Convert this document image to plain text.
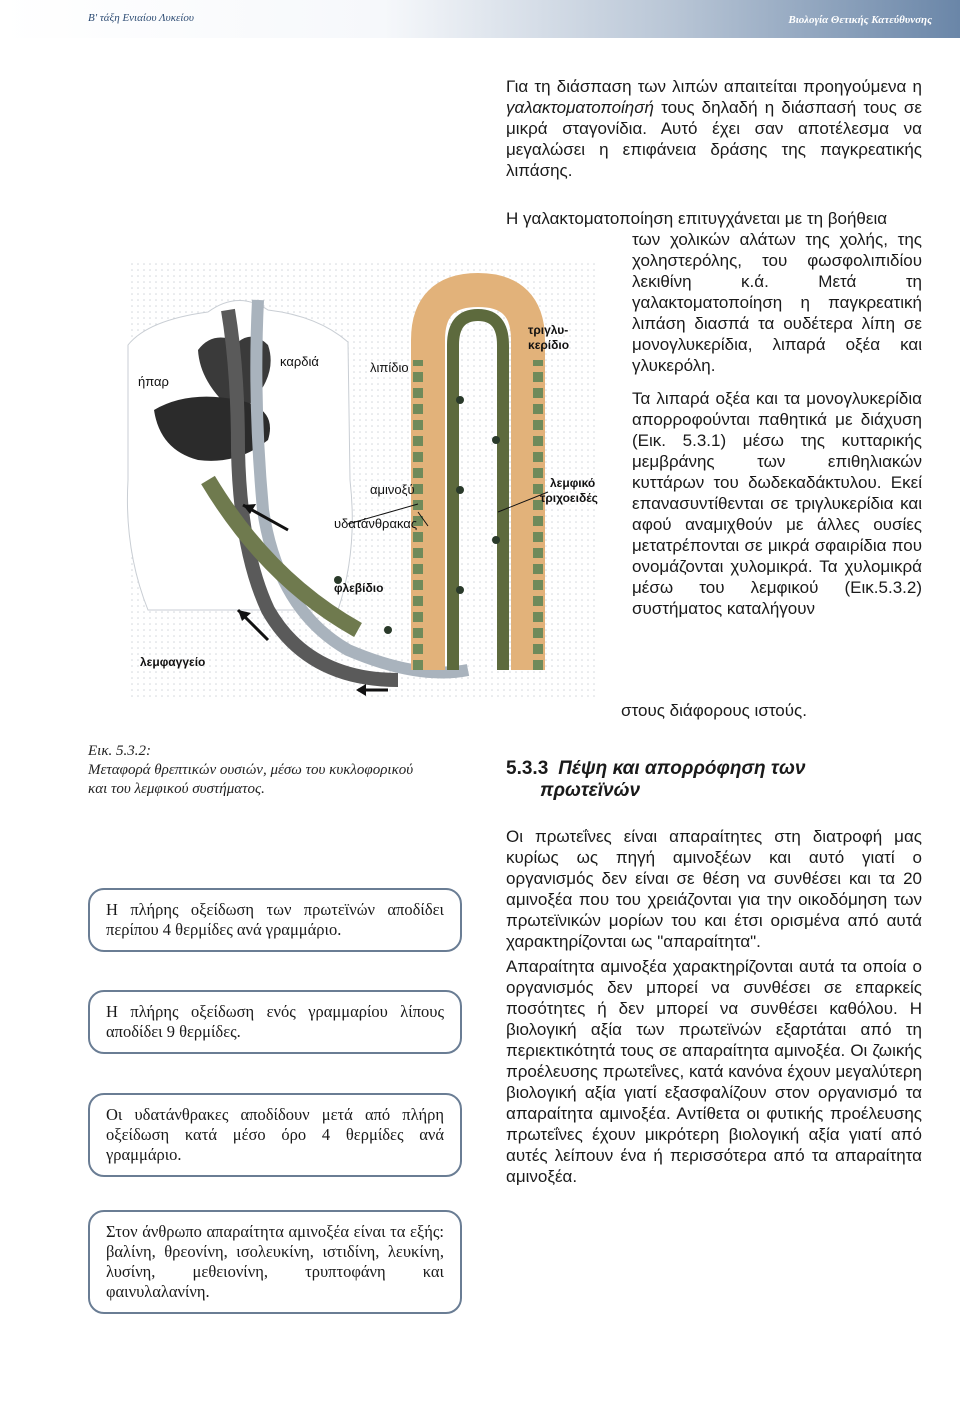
Β' τάξη Ενιαίου Λυκείου	Βιολογία Θετικής Κατεύθυνσης
ήπαρ
καρδιά	λιπίδιο
τριγλυ-
κερίδιο
αμινοξύ
υδατάνθρακας
φλεβίδιο
λεμφαγγείο
λεμφικό
τριχοειδές
Εικ. 5.3.2:
Μεταφορά θρεπτικών ουσιών, μέσω του κυκλοφορικού και του λεμφικού συστήματος.
Η πλήρης οξείδωση των πρωτεϊνών αποδίδει περίπου 4 θερμίδες ανά γραμμάριο.
Η πλήρης οξείδωση ενός γραμμαρίου λίπους αποδίδει 9 θερμίδες.
Οι υδατάνθρακες αποδίδουν μετά από πλήρη οξείδωση κατά μέσο όρο 4 θερμίδες ανά γραμμάριο.
Στον άνθρωπο απαραίτητα αμινοξέα είναι τα εξής: βαλίνη, θρεονίνη, ισολευκίνη, ιστιδίνη, λευκίνη, λυσίνη, μεθειονίνη, τρυπτοφάνη και φαινυλαλανίνη.

Για τη διάσπαση των λιπών απαιτείται προηγούμενα η γαλακτοματοποίησή τους δηλαδή η διάσπασή τους σε μικρά σταγονίδια. Αυτό έχει σαν αποτέλεσμα να μεγαλώσει η επιφάνεια δράσης της παγκρεατικής λιπάσης.

Η γαλακτοματοποίηση επιτυγχάνεται με τη βοήθεια

των χολικών αλάτων της χολής, της χοληστερόλης, του φωσφολιπιδίου λεκιθίνη κ.ά. Μετά τη γαλακτοματοποίηση η παγκρεατική λιπάση διασπά τα ουδέτερα λίπη σε μονογλυκερίδια, λιπαρά οξέα και γλυκερόλη.

Τα λιπαρά οξέα και τα μονογλυκερίδια απορροφούνται παθητικά με διάχυση (Εικ. 5.3.1) μέσω της κυτταρικής μεμβράνης των επιθηλιακών κυττάρων του δωδεκαδάκτυλου. Εκεί επανασυντίθενται σε τριγλυκερίδια και αφού αναμιχθούν με άλλες ουσίες μετατρέπονται σε μικρά σφαιρίδια που ονομάζονται χυλομικρά. Τα χυλομικρά μέσω του λεμφικού (Εικ.5.3.2) συστήματος καταλήγουν

στους διάφορους ιστούς.
5.3.3 Πέψη και απορρόφηση των
πρωτεϊνών

Οι πρωτεΐνες είναι απαραίτητες στη διατροφή μας κυρίως ως πηγή αμινοξέων και αυτό γιατί ο οργανισμός δεν είναι σε θέση να συνθέσει και τα 20 αμινοξέα που του χρειάζονται για την οικοδόμηση των πρωτεϊνικών μορίων του και έτσι ορισμένα από αυτά χαρακτηρίζονται ως "απαραίτητα".

Απαραίτητα αμινοξέα χαρακτηρίζονται αυτά τα οποία ο οργανισμός δεν μπορεί να συνθέσει σε επαρκείς ποσότητες ή δεν μπορεί να συνθέσει καθόλου. Η βιολογική αξία των πρωτεϊνών εξαρτάται από τη περιεκτικότητά τους σε απαραίτητα αμινοξέα. Οι ζωικής προέλευσης πρωτεΐνες, κατά κανόνα έχουν μεγαλύτερη βιολογική αξία γιατί εξασφαλίζουν στον οργανισμό τα απαραίτητα αμινοξέα. Αντίθετα οι φυτικής προέλευσης πρωτεΐνες έχουν μικρότερη βιολογική αξία γιατί από αυτές λείπουν ένα ή περισσότερα από τα απαραίτητα αμινοξέα.
